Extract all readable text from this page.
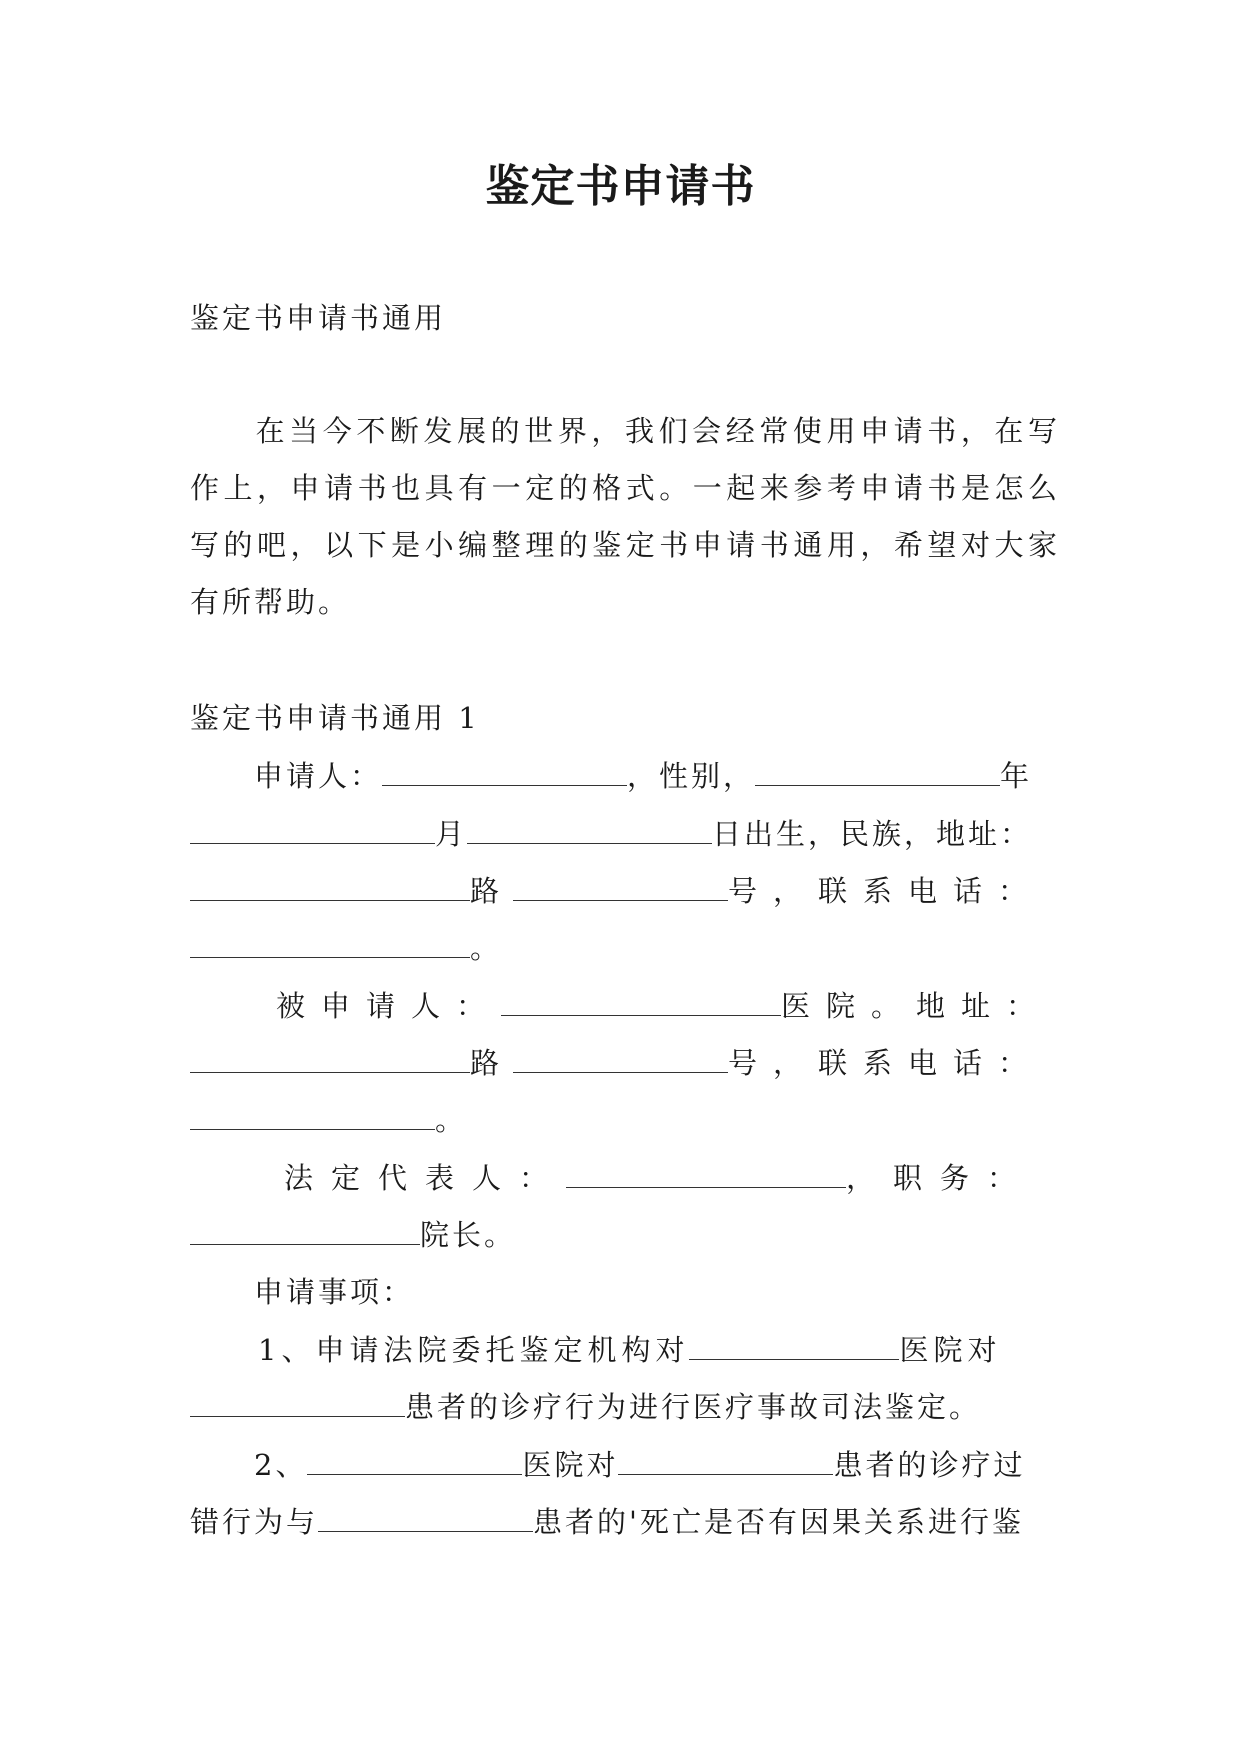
鉴定书申请书
鉴定书申请书通用
在当今不断发展的世界，我们会经常使用申请书，在写
作上，申请书也具有一定的格式。一起来参考申请书是怎么
写的吧，以下是小编整理的鉴定书申请书通用，希望对大家
有所帮助。
鉴定书申请书通用 1
申请人：	，性别，	年
月	日出生，民族，地址：
路	号，联系电话：
。
被申请人：	医院。地址：
路	号，联系电话：
。
法定代表人：	，职务：
院长。
申请事项：
1、申请法院委托鉴定机构对	医院对
患者的诊疗行为进行医疗事故司法鉴定。
2、	医院对	患者的诊疗过
错行为与	患者的'死亡是否有因果关系进行鉴
